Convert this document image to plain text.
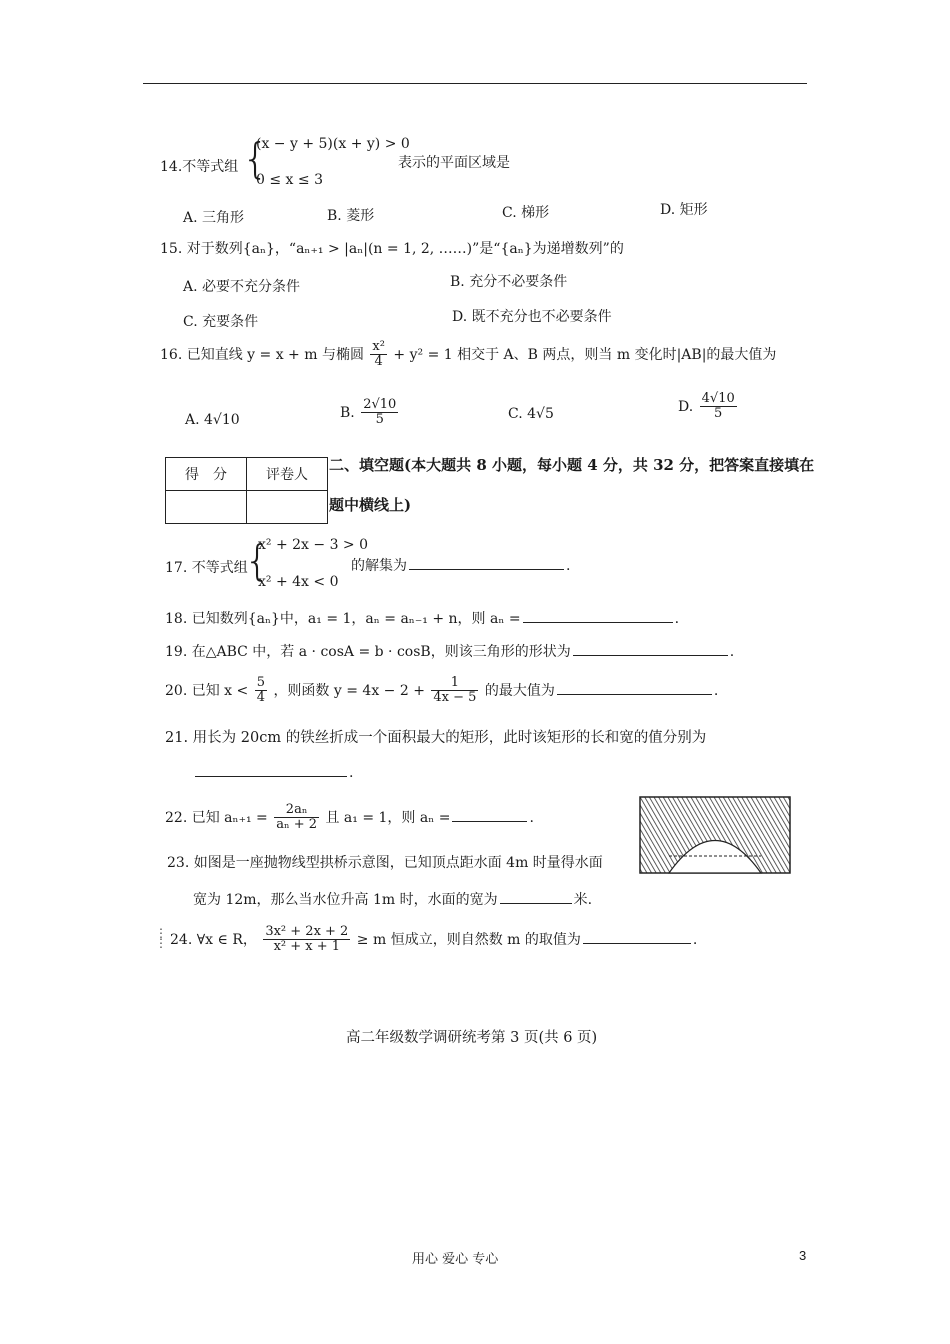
14.不等式组 {
(x − y + 5)(x + y) > 0
0 ≤ x ≤ 3
表示的平面区域是
A. 三角形	B. 菱形	C. 梯形	D. 矩形
15. 对于数列{aₙ}，“aₙ₊₁ > |aₙ|(n = 1, 2, ……)”是“{aₙ}为递增数列”的
A. 必要不充分条件	B. 充分不必要条件
C. 充要条件	D. 既不充分也不必要条件
16. 已知直线 y = x + m 与椭圆 $\frac{\text{x²}}{4} + y^2 = 1$ 相交于 A、B 两点，则当 m 变化时|AB|的最大值为
A. 4√10	B. $\frac{2√10}{5}$	C. 4√5	D. $\frac{4√10}{5}$
得　分	评卷人

二、填空题(本大题共 8 小题，每小题 4 分，共 32 分，把答案直接填在
题中横线上)
17. 不等式组
{
x² + 2x − 3 > 0
x² + 4x < 0
的解集为	.
18. 已知数列{aₙ}中，a₁ = 1，aₙ = aₙ₋₁ + n，则 aₙ =	.
19. 在△ABC 中，若 a · cosA = b · cosB，则该三角形的形状为	.
20. 已知 $x < \frac{5}{4}$ ，则函数 $y = 4x - 2 + \frac{1}{4x - 5}$ 的最大值为	.
21. 用长为 20cm 的铁丝折成一个面积最大的矩形，此时该矩形的长和宽的值分别为
.
22. 已知 $a_{n+1} = \frac{\text{2aₙ}}{\text{aₙ + 2}}$ 且 a₁ = 1，则 aₙ =	.
23. 如图是一座抛物线型拱桥示意图，已知顶点距水面 4m 时量得水面
宽为 12m，那么当水位升高 1m 时，水面的宽为	米.
⋮
⋮ 24. ∀x ∈ R， $\frac{\text{3x² + 2x + 2}}{\text{x² + x + 1}} \ge m$ 恒成立，则自然数 m 的取值为	.
高二年级数学调研统考第 3 页(共 6 页)
用心 爱心 专心	3
